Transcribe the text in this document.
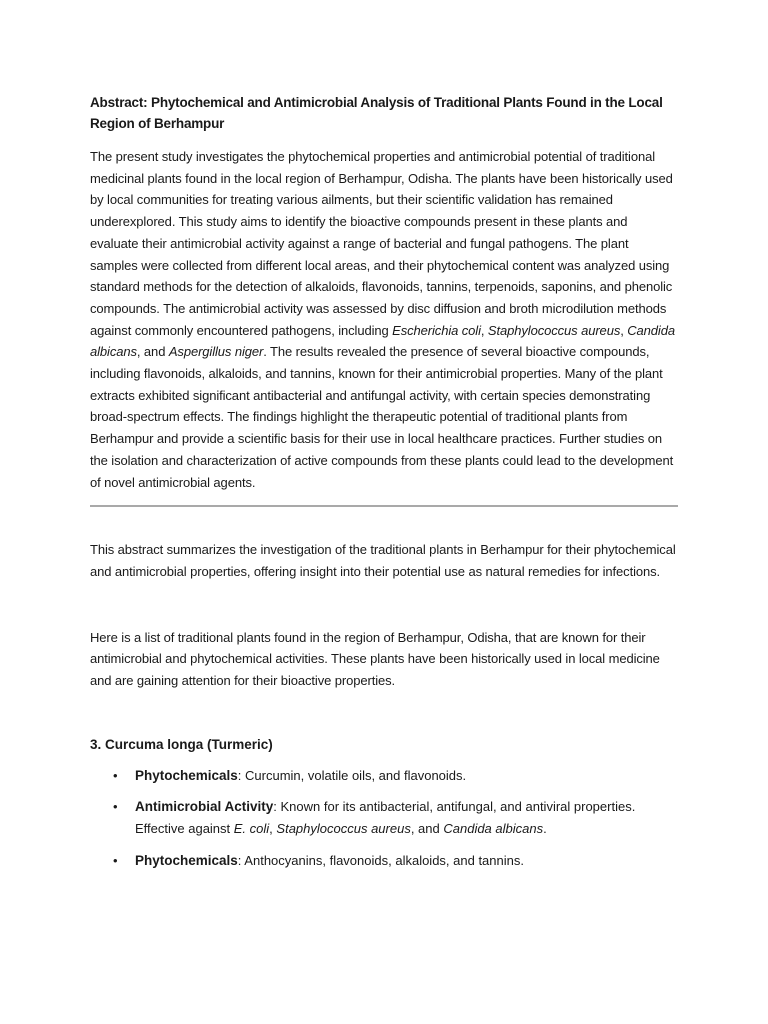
Abstract: Phytochemical and Antimicrobial Analysis of Traditional Plants Found in the Local Region of Berhampur

The present study investigates the phytochemical properties and antimicrobial potential of traditional medicinal plants found in the local region of Berhampur, Odisha. The plants have been historically used by local communities for treating various ailments, but their scientific validation has remained underexplored. This study aims to identify the bioactive compounds present in these plants and evaluate their antimicrobial activity against a range of bacterial and fungal pathogens. The plant samples were collected from different local areas, and their phytochemical content was analyzed using standard methods for the detection of alkaloids, flavonoids, tannins, terpenoids, saponins, and phenolic compounds. The antimicrobial activity was assessed by disc diffusion and broth microdilution methods against commonly encountered pathogens, including Escherichia coli, Staphylococcus aureus, Candida albicans, and Aspergillus niger. The results revealed the presence of several bioactive compounds, including flavonoids, alkaloids, and tannins, known for their antimicrobial properties. Many of the plant extracts exhibited significant antibacterial and antifungal activity, with certain species demonstrating broad-spectrum effects. The findings highlight the therapeutic potential of traditional plants from Berhampur and provide a scientific basis for their use in local healthcare practices. Further studies on the isolation and characterization of active compounds from these plants could lead to the development of novel antimicrobial agents.

This abstract summarizes the investigation of the traditional plants in Berhampur for their phytochemical and antimicrobial properties, offering insight into their potential use as natural remedies for infections.

Here is a list of traditional plants found in the region of Berhampur, Odisha, that are known for their antimicrobial and phytochemical activities. These plants have been historically used in local medicine and are gaining attention for their bioactive properties.

3. Curcuma longa (Turmeric)
• Phytochemicals: Curcumin, volatile oils, and flavonoids.
• Antimicrobial Activity: Known for its antibacterial, antifungal, and antiviral properties. Effective against E. coli, Staphylococcus aureus, and Candida albicans.
• Phytochemicals: Anthocyanins, flavonoids, alkaloids, and tannins.
